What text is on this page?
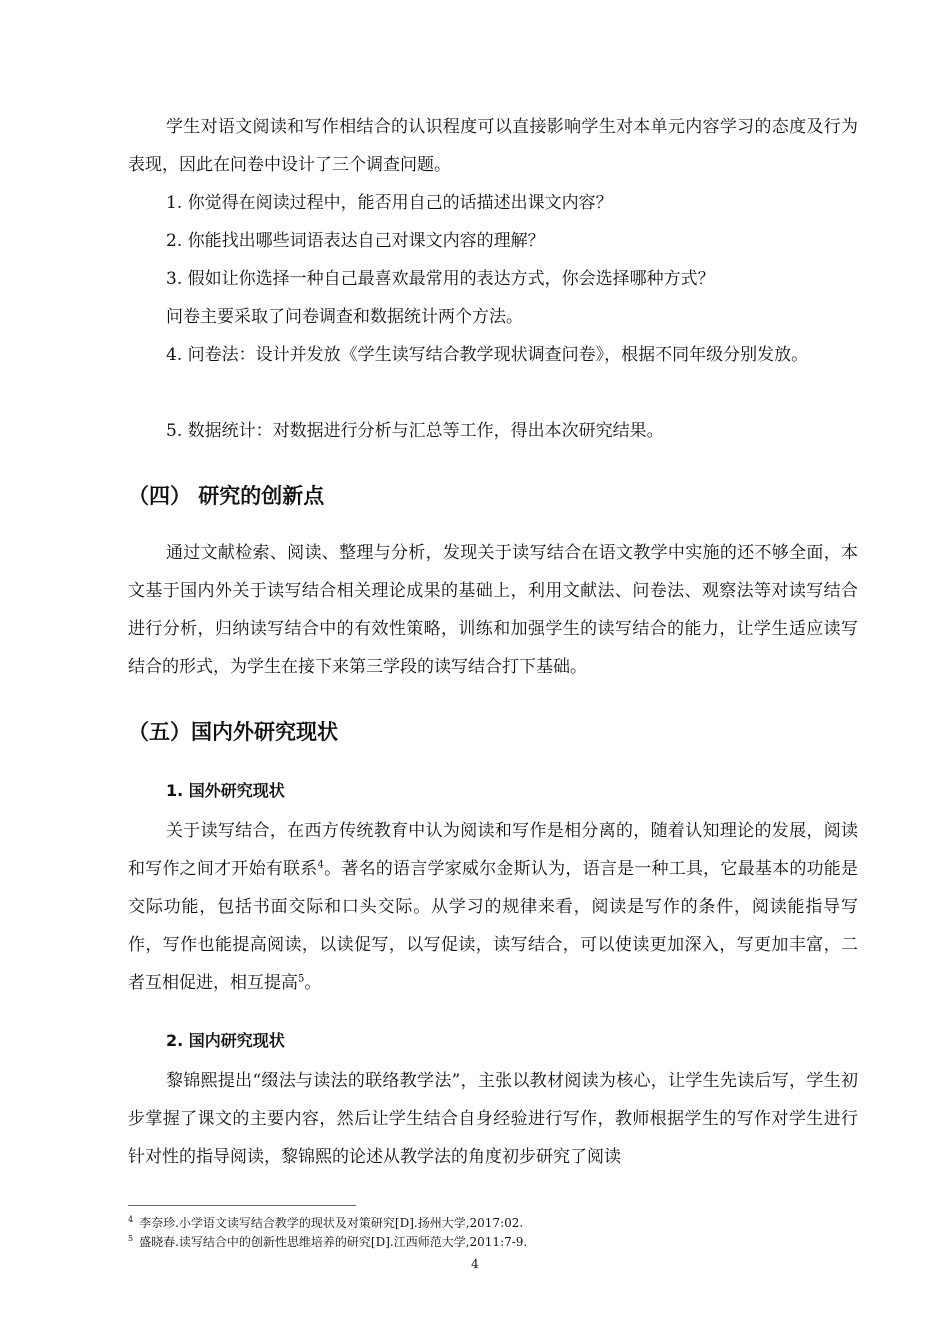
学生对语文阅读和写作相结合的认识程度可以直接影响学生对本单元内容学习的态度及行为表现，因此在问卷中设计了三个调查问题。

1. 你觉得在阅读过程中，能否用自己的话描述出课文内容？

2. 你能找出哪些词语表达自己对课文内容的理解？

3. 假如让你选择一种自己最喜欢最常用的表达方式，你会选择哪种方式？

问卷主要采取了问卷调查和数据统计两个方法。

4. 问卷法：设计并发放《学生读写结合教学现状调查问卷》，根据不同年级分别发放。

5. 数据统计：对数据进行分析与汇总等工作，得出本次研究结果。

（四） 研究的创新点

通过文献检索、阅读、整理与分析，发现关于读写结合在语文教学中实施的还不够全面，本文基于国内外关于读写结合相关理论成果的基础上，利用文献法、问卷法、观察法等对读写结合进行分析，归纳读写结合中的有效性策略，训练和加强学生的读写结合的能力，让学生适应读写结合的形式，为学生在接下来第三学段的读写结合打下基础。

（五）国内外研究现状
1. 国外研究现状

关于读写结合，在西方传统教育中认为阅读和写作是相分离的，随着认知理论的发展，阅读和写作之间才开始有联系$^4$。著名的语言学家威尔金斯认为，语言是一种工具，它最基本的功能是交际功能，包括书面交际和口头交际。从学习的规律来看，阅读是写作的条件，阅读能指导写作，写作也能提高阅读，以读促写，以写促读，读写结合，可以使读更加深入，写更加丰富，二者互相促进，相互提高$^5$。

2. 国内研究现状

黎锦熙提出“缀法与读法的联络教学法”，主张以教材阅读为核心，让学生先读后写，学生初步掌握了课文的主要内容，然后让学生结合自身经验进行写作，教师根据学生的写作对学生进行针对性的指导阅读，黎锦熙的论述从教学法的角度初步研究了阅读

$^4$ 李奈珍.小学语文读写结合教学的现状及对策研究[D].扬州大学,2017:02.

$^5$ 盛晓春.读写结合中的创新性思维培养的研究[D].江西师范大学,2011:7-9.

4
